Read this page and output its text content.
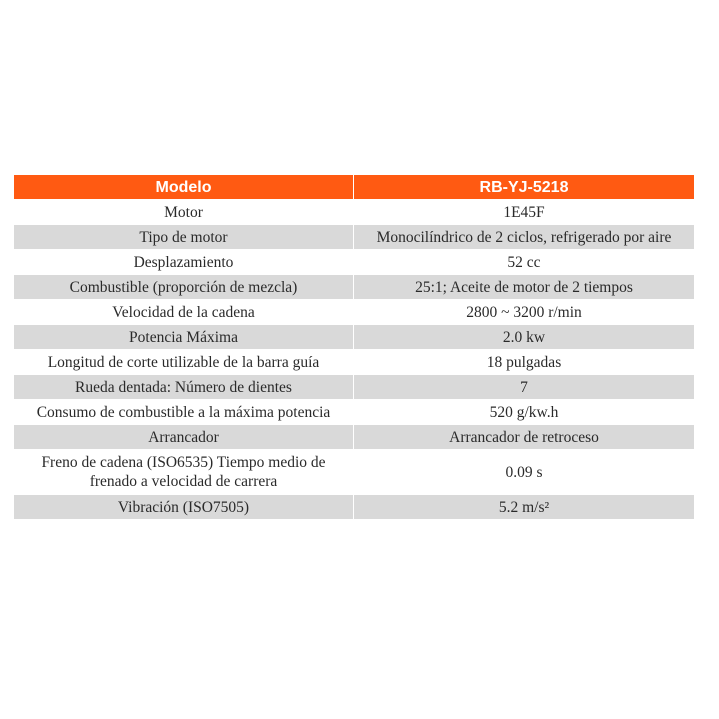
Modelo	RB-YJ-5218
Motor	1E45F
Tipo de motor	Monocilíndrico de 2 ciclos, refrigerado por aire
Desplazamiento	52 cc
Combustible (proporción de mezcla)	25:1; Aceite de motor de 2 tiempos
Velocidad de la cadena	2800 ~ 3200 r/min
Potencia Máxima	2.0 kw
Longitud de corte utilizable de la barra guía	18 pulgadas
Rueda dentada: Número de dientes	7
Consumo de combustible a la máxima potencia	520 g/kw.h
Arrancador	Arrancador de retroceso
Freno de cadena (ISO6535) Tiempo medio de frenado a velocidad de carrera	0.09 s
Vibración (ISO7505)	5.2 m/s²
